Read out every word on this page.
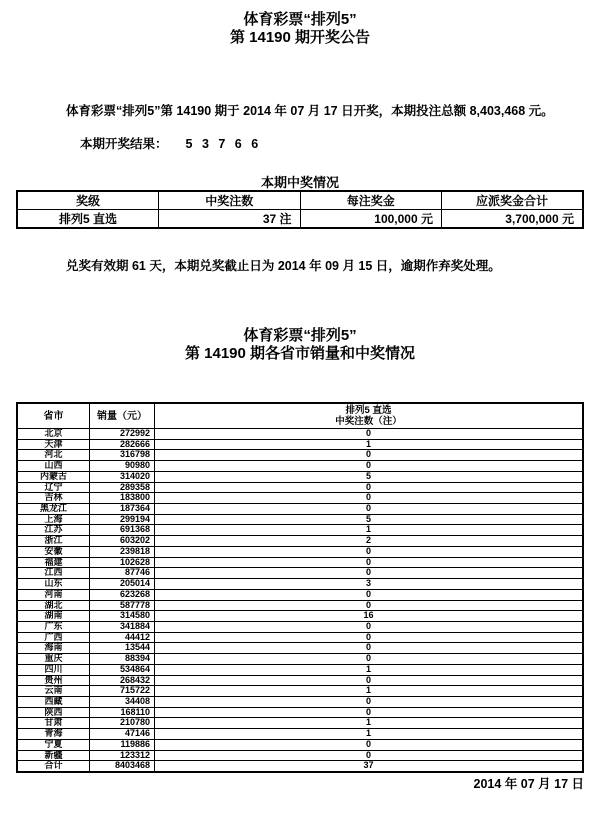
体育彩票“排列5”
第 14190 期开奖公告
体育彩票“排列5”第 14190 期于 2014 年 07 月 17 日开奖，本期投注总额 8,403,468 元。
本期开奖结果： 5 3 7 6 6
本期中奖情况
奖级	中奖注数	每注奖金	应派奖金合计
排列5 直选	37 注	100,000 元	3,700,000 元
兑奖有效期 61 天，本期兑奖截止日为 2014 年 09 月 15 日，逾期作弃奖处理。
体育彩票“排列5”
第 14190 期各省市销量和中奖情况
省市	销量（元）	排列5 直选
中奖注数（注）

北京	272992	0
天津	282666	1
河北	316798	0
山西	90980	0
内蒙古	314020	5
辽宁	289358	0
吉林	183800	0
黑龙江	187364	0
上海	299194	5
江苏	691368	1
浙江	603202	2
安徽	239818	0
福建	102628	0
江西	87746	0
山东	205014	3
河南	623268	0
湖北	587778	0
湖南	314580	16
广东	341884	0
广西	44412	0
海南	13544	0
重庆	88394	0
四川	534864	1
贵州	268432	0
云南	715722	1
西藏	34408	0
陕西	168110	0
甘肃	210780	1
青海	47146	1
宁夏	119886	0
新疆	123312	0
合计	8403468	37
2014 年 07 月 17 日
